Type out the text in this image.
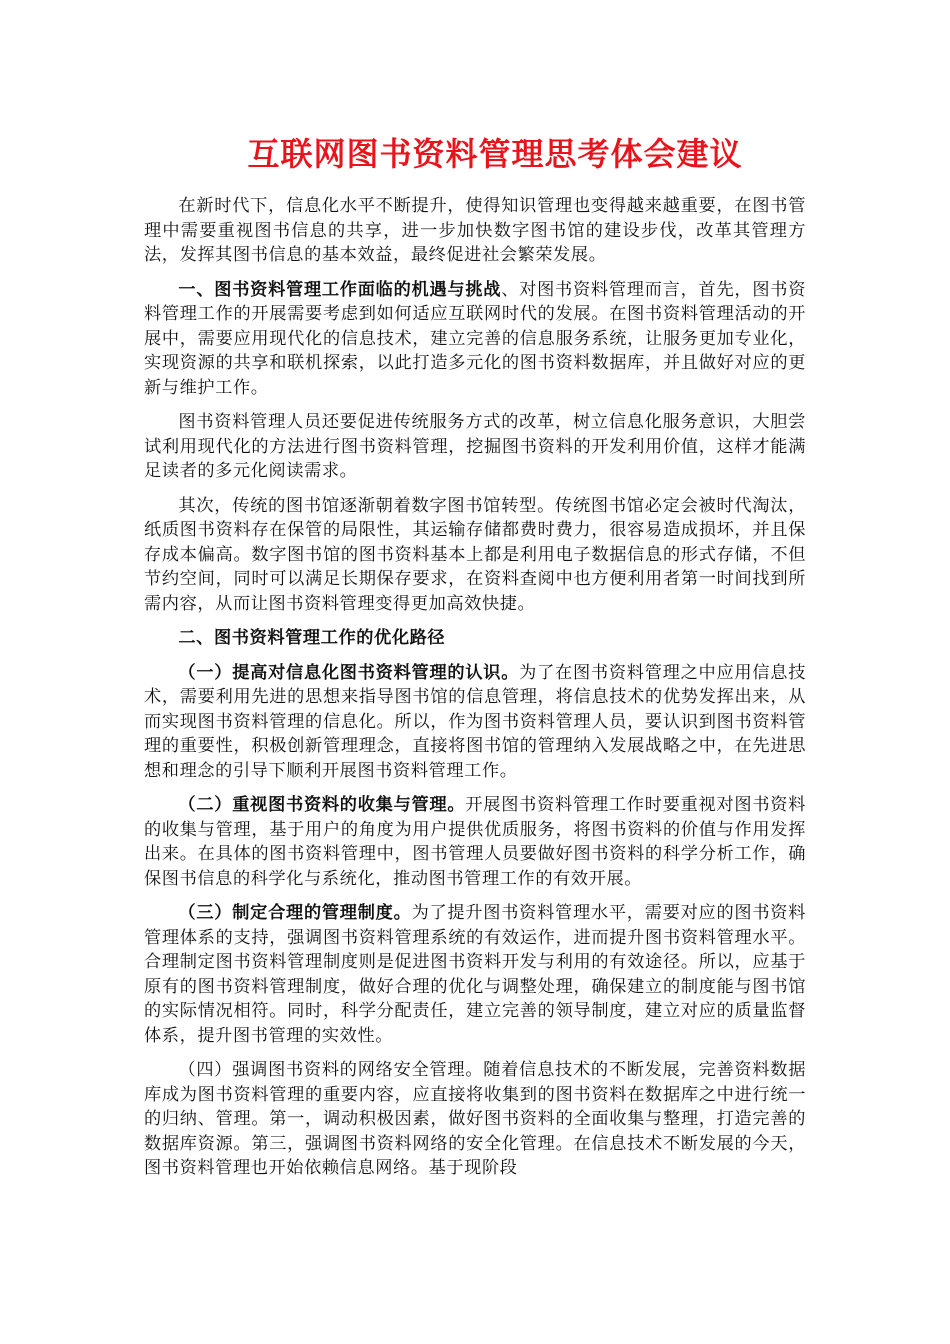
互联网图书资料管理思考体会建议

在新时代下，信息化水平不断提升，使得知识管理也变得越来越重要，在图书管理中需要重视图书信息的共享，进一步加快数字图书馆的建设步伐，改革其管理方法，发挥其图书信息的基本效益，最终促进社会繁荣发展。

一、图书资料管理工作面临的机遇与挑战、对图书资料管理而言，首先，图书资料管理工作的开展需要考虑到如何适应互联网时代的发展。在图书资料管理活动的开展中，需要应用现代化的信息技术，建立完善的信息服务系统，让服务更加专业化，实现资源的共享和联机探索，以此打造多元化的图书资料数据库，并且做好对应的更新与维护工作。

图书资料管理人员还要促进传统服务方式的改革，树立信息化服务意识，大胆尝试利用现代化的方法进行图书资料管理，挖掘图书资料的开发利用价值，这样才能满足读者的多元化阅读需求。

其次，传统的图书馆逐渐朝着数字图书馆转型。传统图书馆必定会被时代淘汰，纸质图书资料存在保管的局限性，其运输存储都费时费力，很容易造成损坏，并且保存成本偏高。数字图书馆的图书资料基本上都是利用电子数据信息的形式存储，不但节约空间，同时可以满足长期保存要求，在资料查阅中也方便利用者第一时间找到所需内容，从而让图书资料管理变得更加高效快捷。

二、图书资料管理工作的优化路径

（一）提高对信息化图书资料管理的认识。为了在图书资料管理之中应用信息技术，需要利用先进的思想来指导图书馆的信息管理，将信息技术的优势发挥出来，从而实现图书资料管理的信息化。所以，作为图书资料管理人员，要认识到图书资料管理的重要性，积极创新管理理念，直接将图书馆的管理纳入发展战略之中，在先进思想和理念的引导下顺利开展图书资料管理工作。

（二）重视图书资料的收集与管理。开展图书资料管理工作时要重视对图书资料的收集与管理，基于用户的角度为用户提供优质服务，将图书资料的价值与作用发挥出来。在具体的图书资料管理中，图书管理人员要做好图书资料的科学分析工作，确保图书信息的科学化与系统化，推动图书管理工作的有效开展。

（三）制定合理的管理制度。为了提升图书资料管理水平，需要对应的图书资料管理体系的支持，强调图书资料管理系统的有效运作，进而提升图书资料管理水平。合理制定图书资料管理制度则是促进图书资料开发与利用的有效途径。所以，应基于原有的图书资料管理制度，做好合理的优化与调整处理，确保建立的制度能与图书馆的实际情况相符。同时，科学分配责任，建立完善的领导制度，建立对应的质量监督体系，提升图书管理的实效性。

（四）强调图书资料的网络安全管理。随着信息技术的不断发展，完善资料数据库成为图书资料管理的重要内容，应直接将收集到的图书资料在数据库之中进行统一的归纳、管理。第一，调动积极因素，做好图书资料的全面收集与整理，打造完善的数据库资源。第三，强调图书资料网络的安全化管理。在信息技术不断发展的今天，图书资料管理也开始依赖信息网络。基于现阶段
